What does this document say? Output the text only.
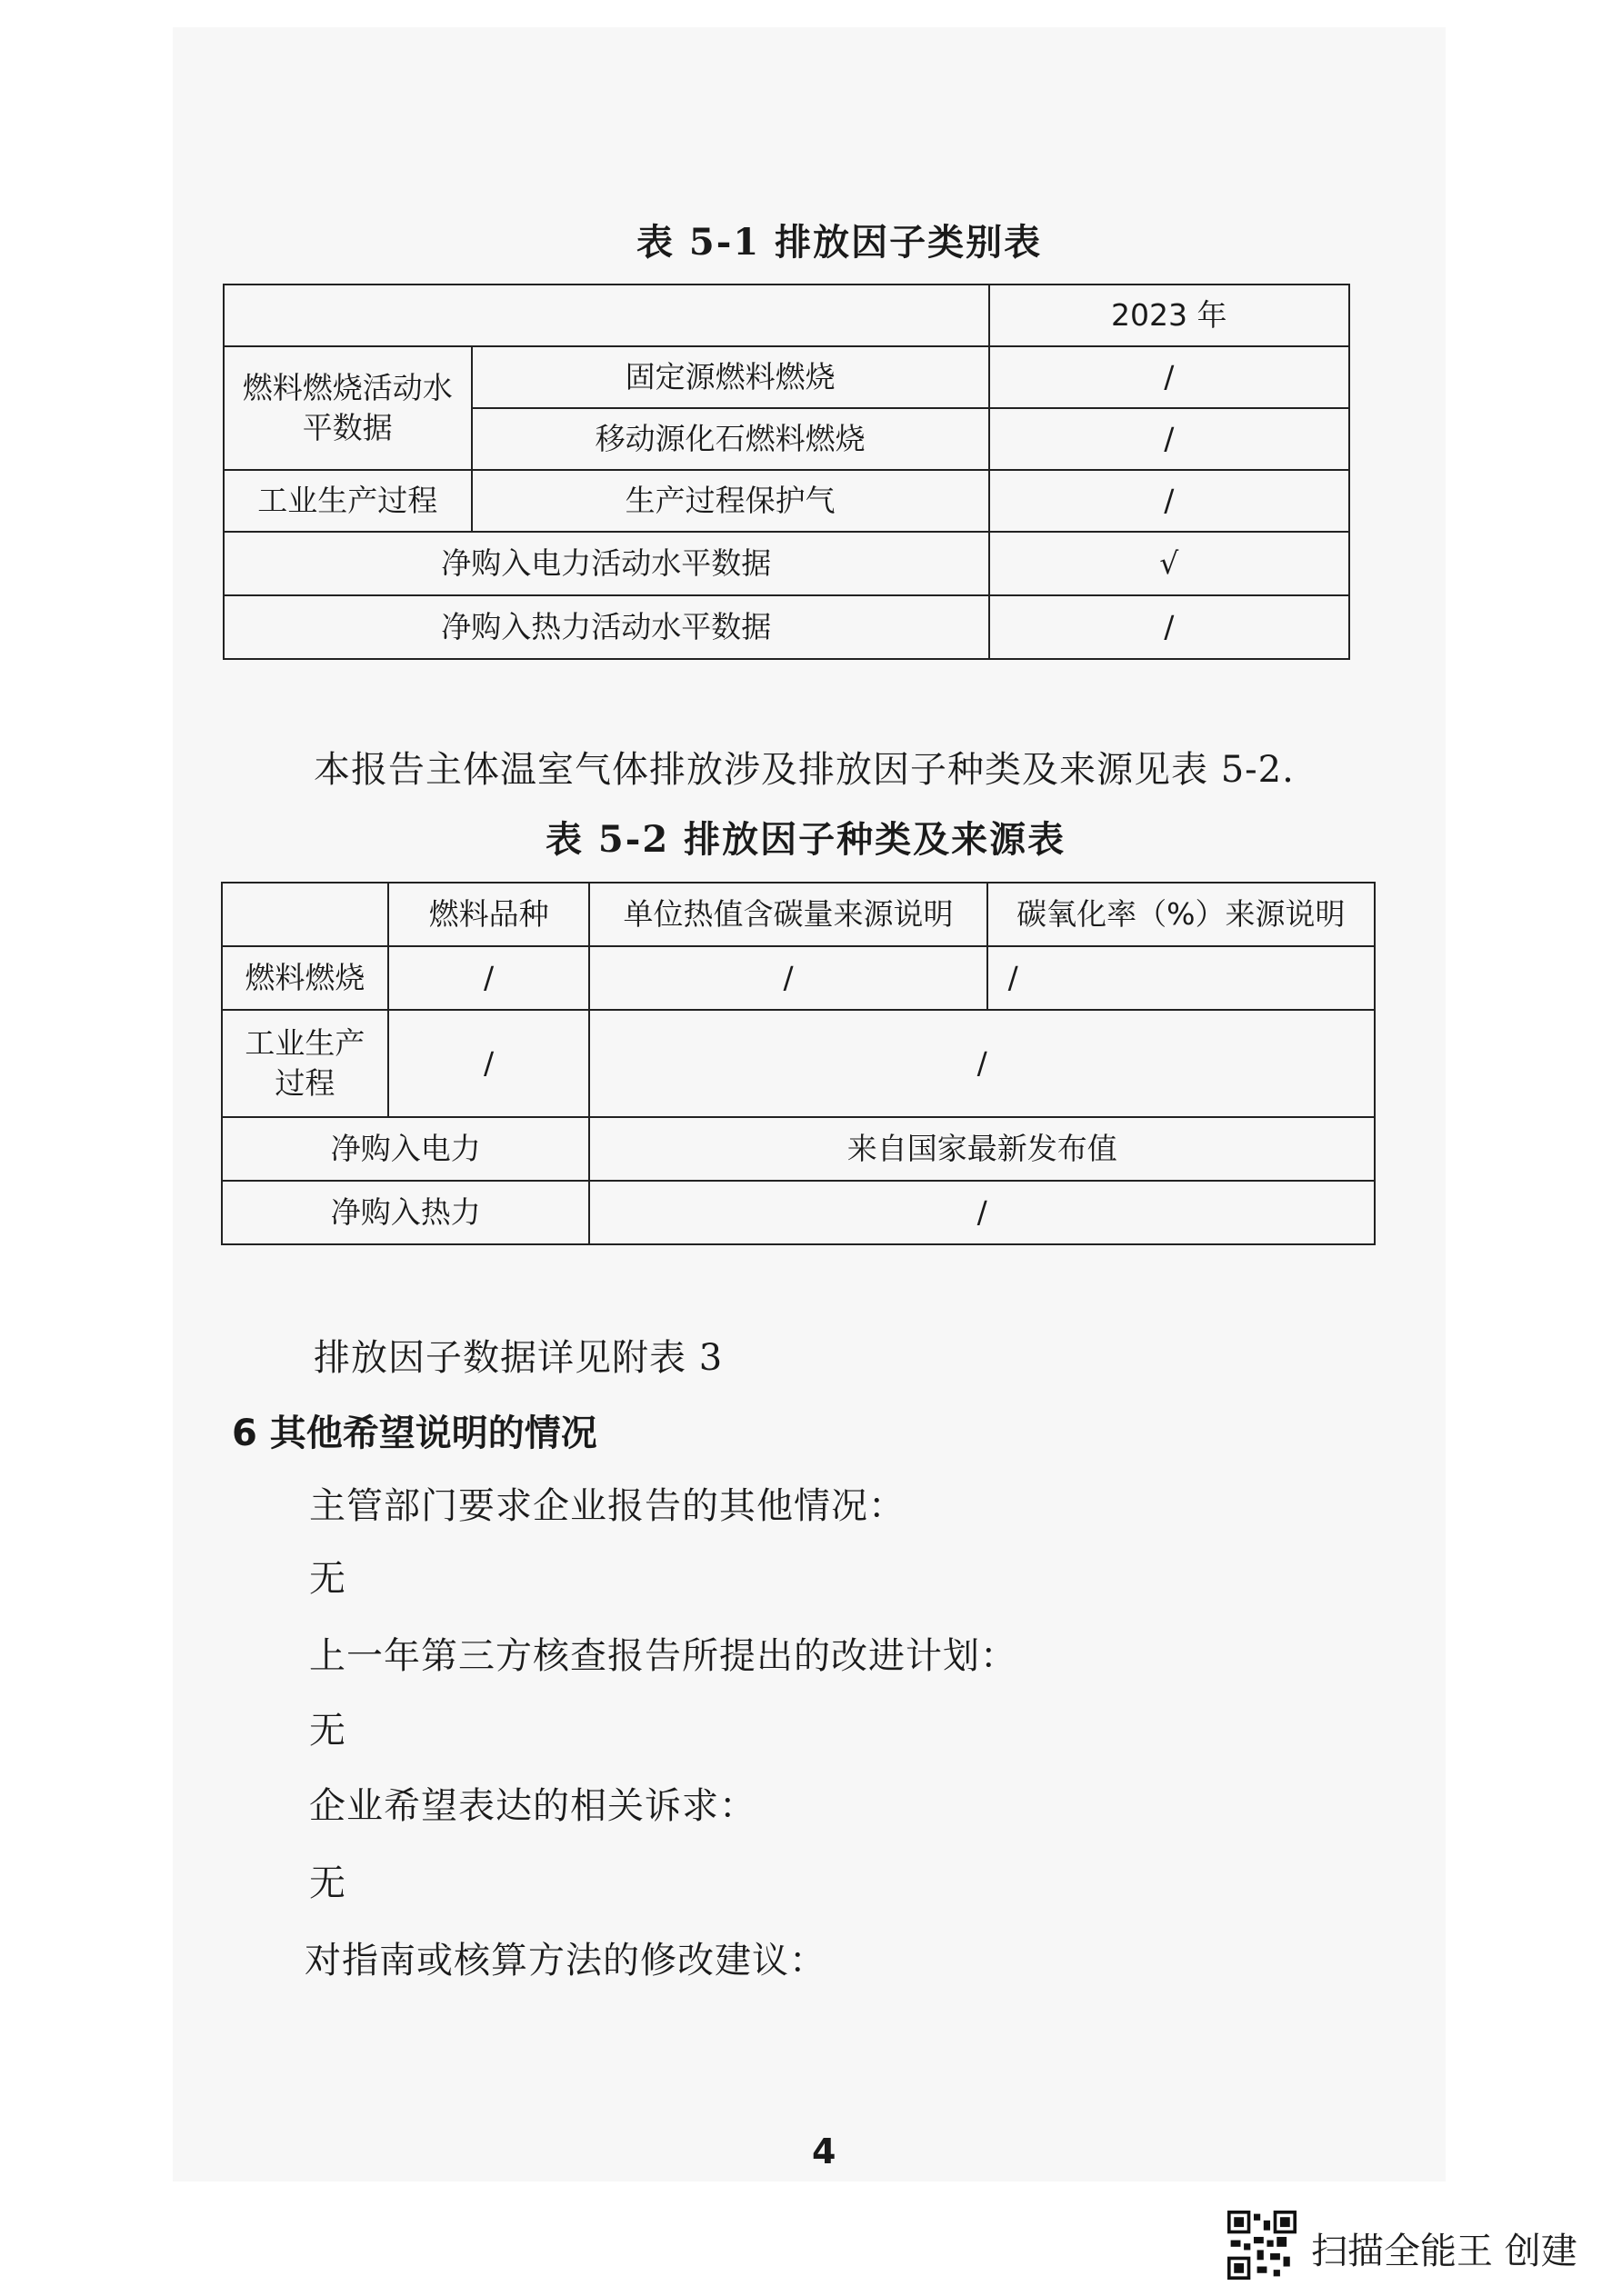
表 5-1 排放因子类别表
		2023 年
燃料燃烧活动水平数据	固定源燃料燃烧	/
	移动源化石燃料燃烧	/
工业生产过程	生产过程保护气	/
净购入电力活动水平数据		√
净购入热力活动水平数据		/
本报告主体温室气体排放涉及排放因子种类及来源见表 5-2.
表 5-2 排放因子种类及来源表
	燃料品种	单位热值含碳量来源说明	碳氧化率（%）来源说明
燃料燃烧	/	/	/
工业生产过程	/	/	
净购入电力		来自国家最新发布值	
净购入热力		/	
排放因子数据详见附表 3
6 其他希望说明的情况
主管部门要求企业报告的其他情况：
无
上一年第三方核查报告所提出的改进计划：
无
企业希望表达的相关诉求：
无
对指南或核算方法的修改建议：
4
扫描全能王 创建
